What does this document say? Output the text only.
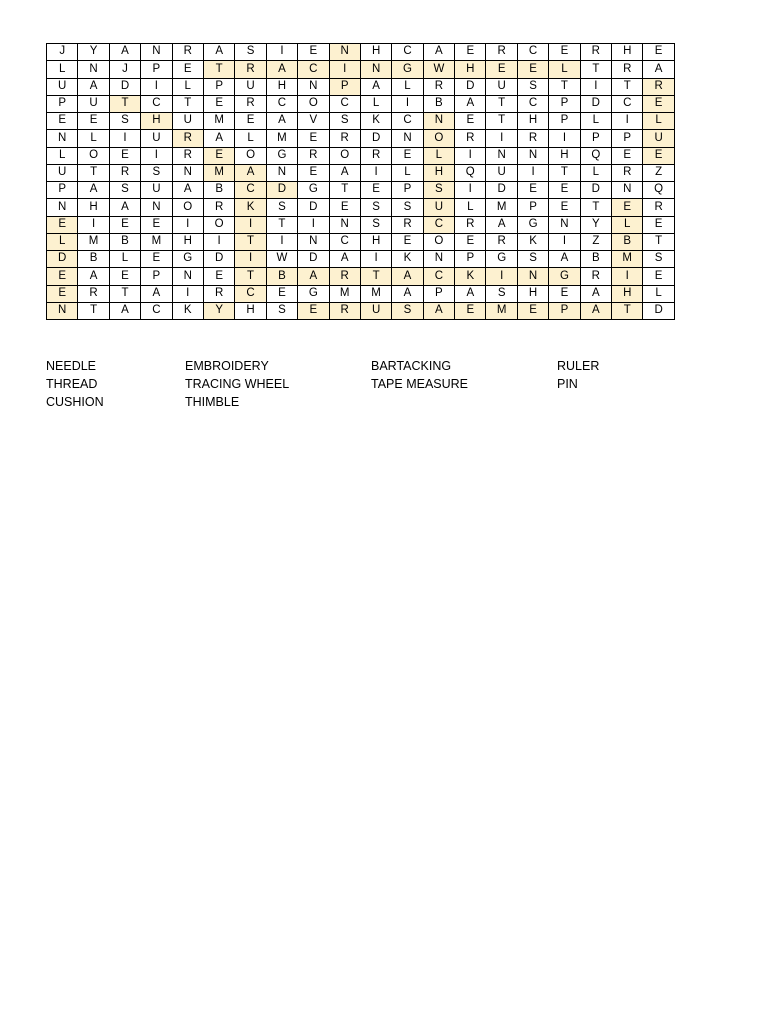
J	Y	A	N	R	A	S	I	E	N	H	C	A	E	R	C	E	R	H	E
L	N	J	P	E	T	R	A	C	I	N	G	W	H	E	E	L	T	R	A
U	A	D	I	L	P	U	H	N	P	A	L	R	D	U	S	T	I	T	R
P	U	T	C	T	E	R	C	O	C	L	I	B	A	T	C	P	D	C	E
E	E	S	H	U	M	E	A	V	S	K	C	N	E	T	H	P	L	I	L
N	L	I	U	R	A	L	M	E	R	D	N	O	R	I	R	I	P	P	U
L	O	E	I	R	E	O	G	R	O	R	E	L	I	N	N	H	Q	E	E
U	T	R	S	N	M	A	N	E	A	I	L	H	Q	U	I	T	L	R	Z
P	A	S	U	A	B	C	D	G	T	E	P	S	I	D	E	E	D	N	Q
N	H	A	N	O	R	K	S	D	E	S	S	U	L	M	P	E	T	E	R
E	I	E	E	I	O	I	T	I	N	S	R	C	R	A	G	N	Y	L	E
L	M	B	M	H	I	T	I	N	C	H	E	O	E	R	K	I	Z	B	T
D	B	L	E	G	D	I	W	D	A	I	K	N	P	G	S	A	B	M	S
E	A	E	P	N	E	T	B	A	R	T	A	C	K	I	N	G	R	I	E
E	R	T	A	I	R	C	E	G	M	M	A	P	A	S	H	E	A	H	L
N	T	A	C	K	Y	H	S	E	R	U	S	A	E	M	E	P	A	T	D
NEEDLE
THREAD
CUSHION
EMBROIDERY
TRACING WHEEL
THIMBLE
BARTACKING
TAPE MEASURE
RULER
PIN
